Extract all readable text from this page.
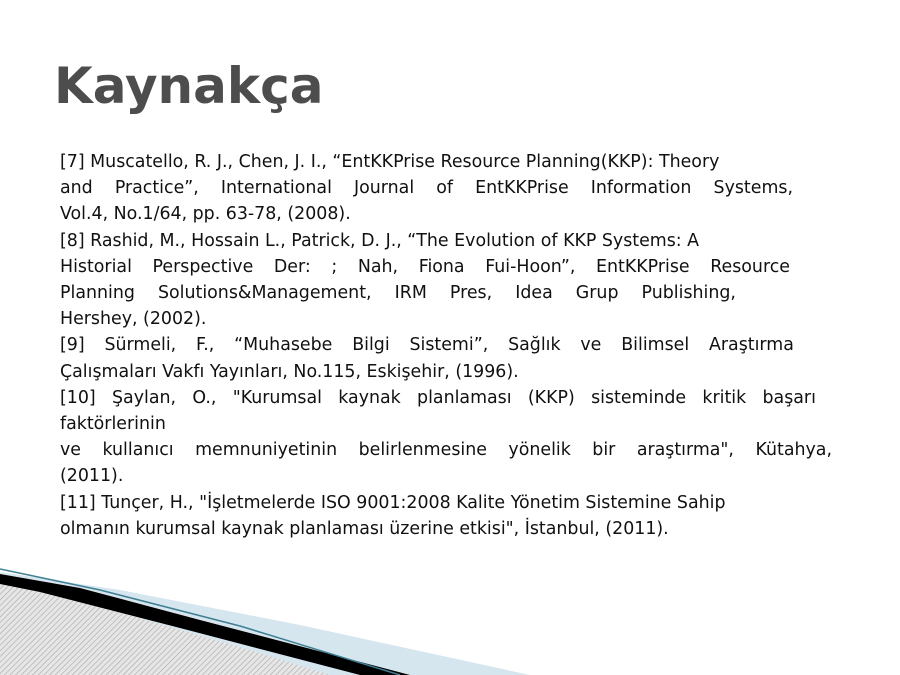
Kaynakça
[7] Muscatello, R. J., Chen, J. I., “EntKKPrise Resource Planning(KKP): Theory
and Practice”, International Journal of EntKKPrise Information Systems,
Vol.4, No.1/64, pp. 63-78, (2008).
[8] Rashid, M., Hossain L., Patrick, D. J., “The Evolution of KKP Systems: A
Historial Perspective Der: ; Nah, Fiona Fui-Hoon”, EntKKPrise Resource
Planning Solutions&Management, IRM Pres, Idea Grup Publishing,
Hershey, (2002).
[9] Sürmeli, F., “Muhasebe Bilgi Sistemi”, Sağlık ve Bilimsel Araştırma
Çalışmaları Vakfı Yayınları, No.115, Eskişehir, (1996).
[10] Şaylan, O., "Kurumsal kaynak planlaması (KKP) sisteminde kritik başarı
faktörlerinin
ve kullanıcı memnuniyetinin belirlenmesine yönelik bir araştırma", Kütahya,
(2011).
[11] Tunçer, H., "İşletmelerde ISO 9001:2008 Kalite Yönetim Sistemine Sahip
olmanın kurumsal kaynak planlaması üzerine etkisi", İstanbul, (2011).
